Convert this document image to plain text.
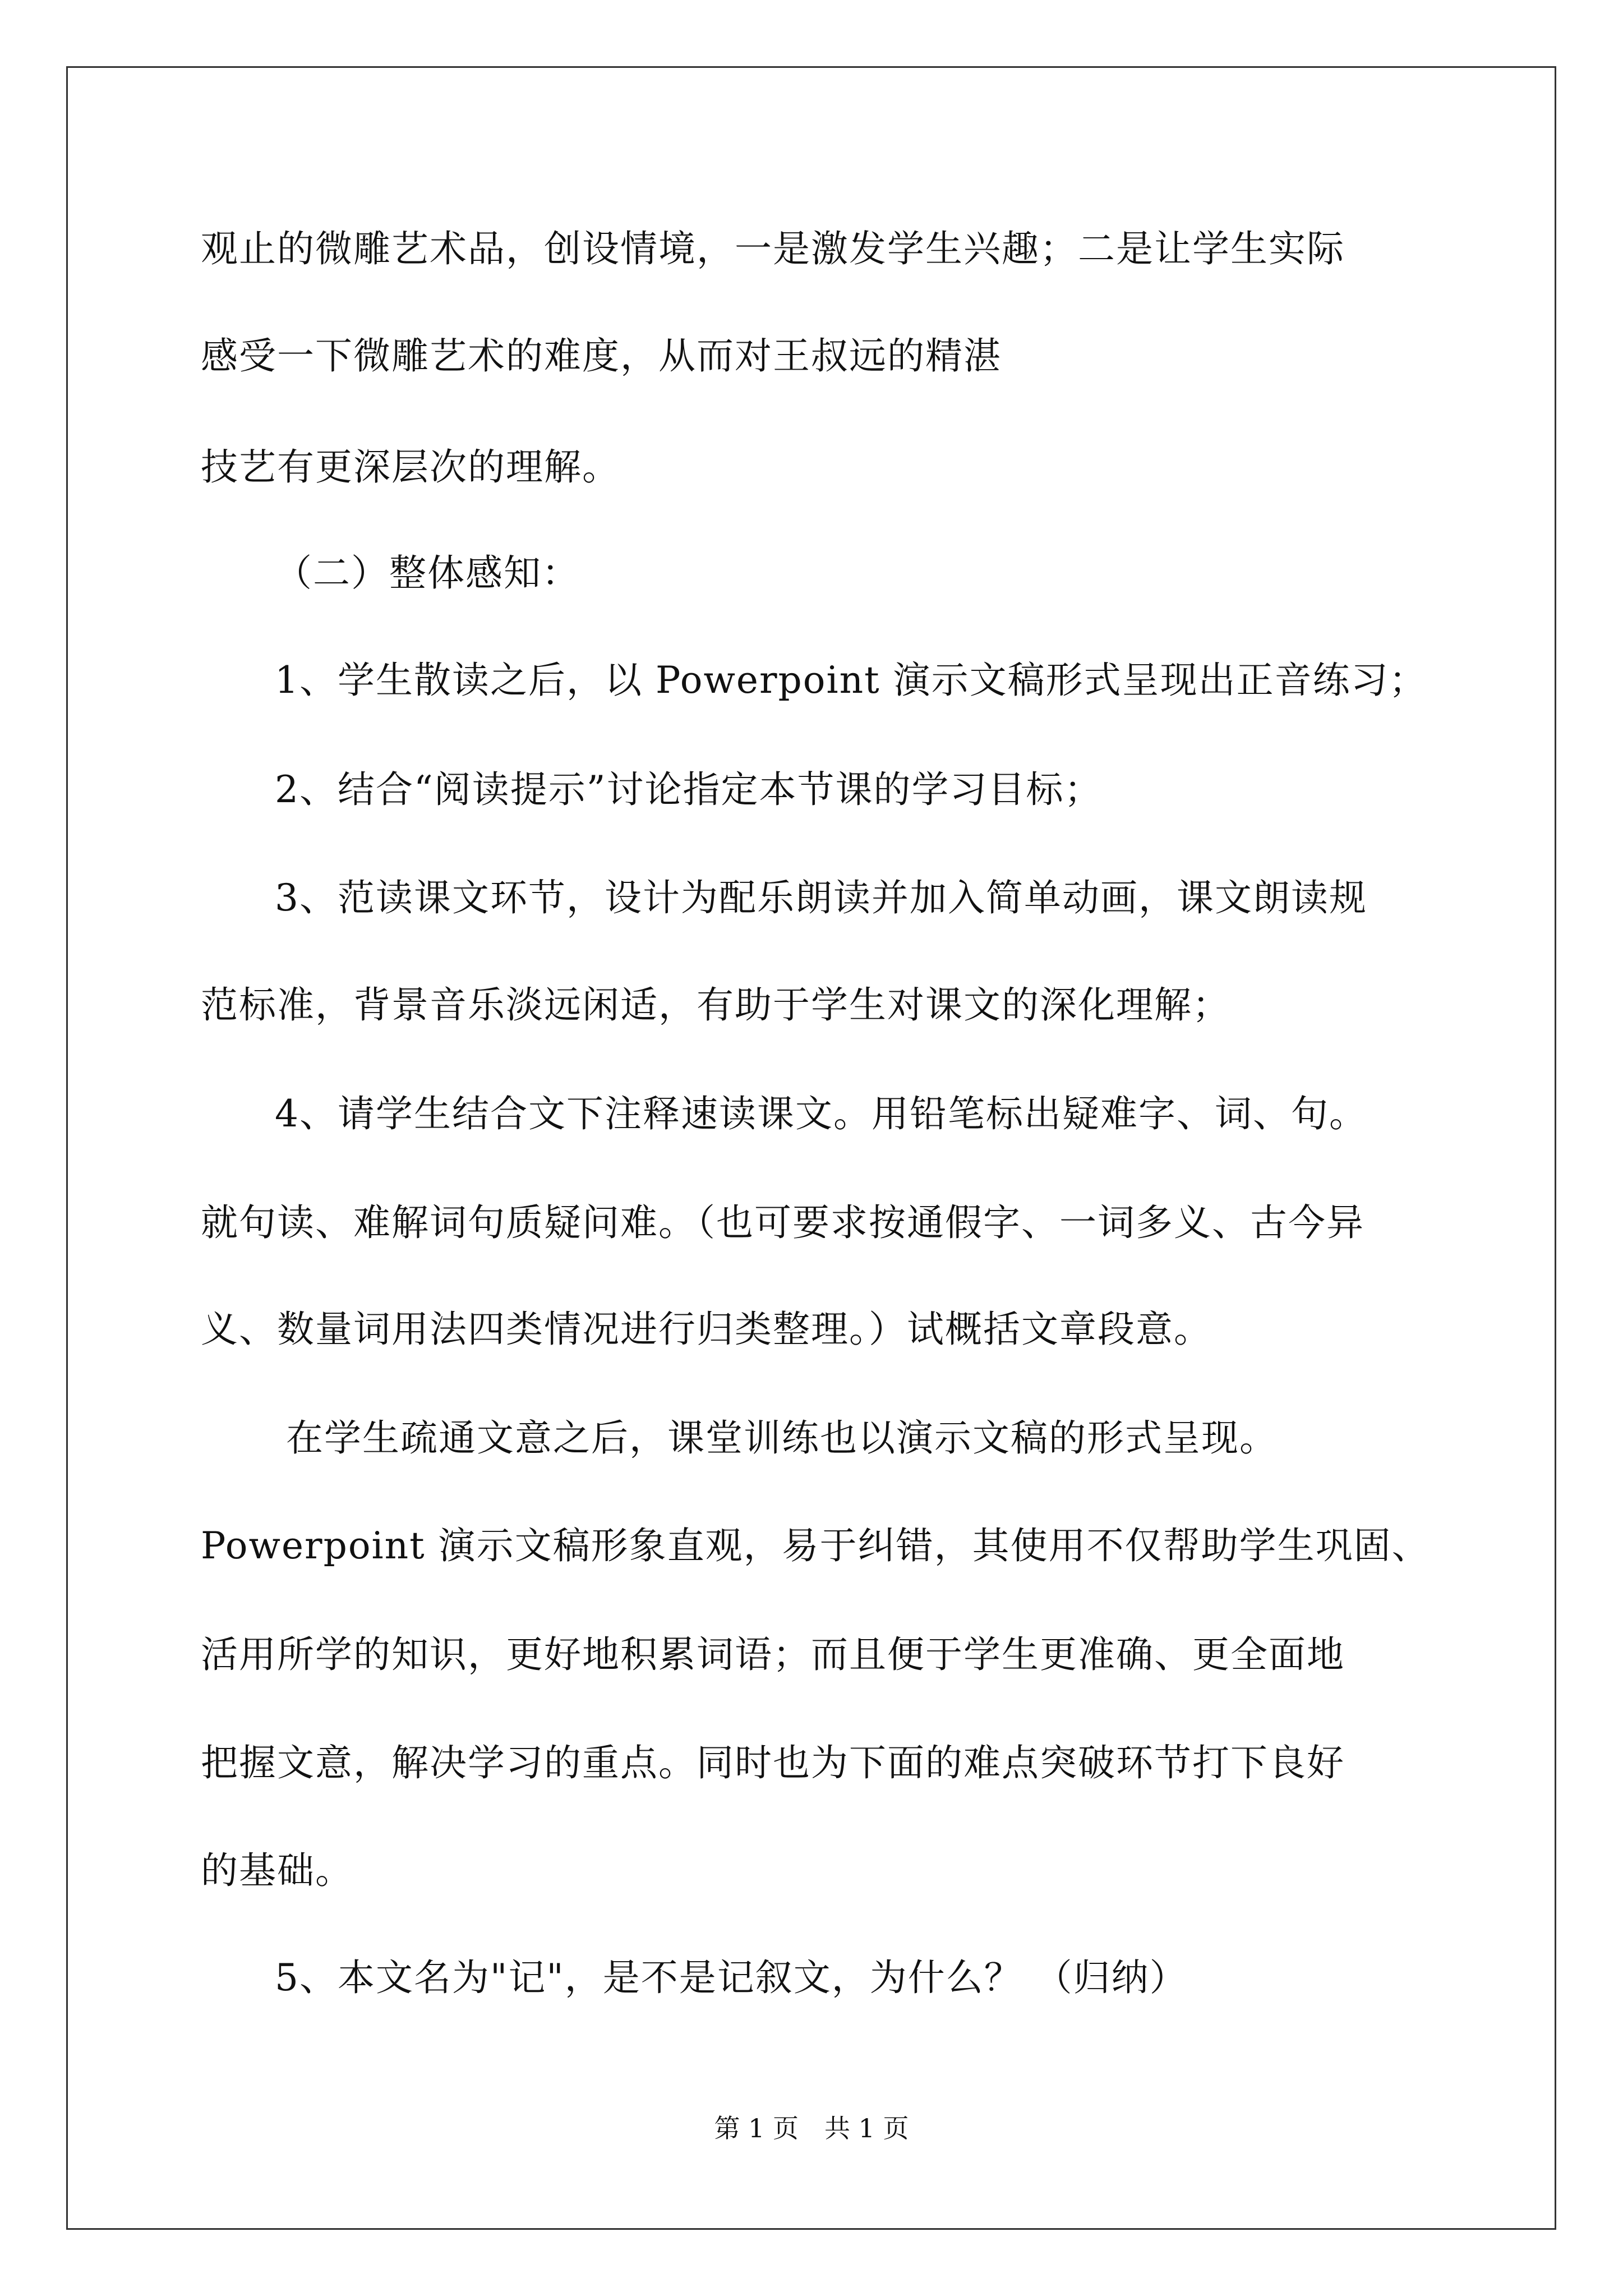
观止的微雕艺术品，创设情境，一是激发学生兴趣；二是让学生实际
感受一下微雕艺术的难度，从而对王叔远的精湛
技艺有更深层次的理解。
（二）整体感知：
1、学生散读之后，以 Powerpoint 演示文稿形式呈现出正音练习；
2、结合“阅读提示”讨论指定本节课的学习目标；
3、范读课文环节，设计为配乐朗读并加入简单动画，课文朗读规
范标准，背景音乐淡远闲适，有助于学生对课文的深化理解；
4、请学生结合文下注释速读课文。用铅笔标出疑难字、词、句。
就句读、难解词句质疑问难。（也可要求按通假字、一词多义、古今异
义、数量词用法四类情况进行归类整理。）试概括文章段意。
在学生疏通文意之后，课堂训练也以演示文稿的形式呈现。
Powerpoint 演示文稿形象直观，易于纠错，其使用不仅帮助学生巩固、
活用所学的知识，更好地积累词语；而且便于学生更准确、更全面地
把握文意，解决学习的重点。同时也为下面的难点突破环节打下良好
的基础。
5、本文名为"记"，是不是记叙文，为什么？ （归纳）
第 1 页　共 1 页
